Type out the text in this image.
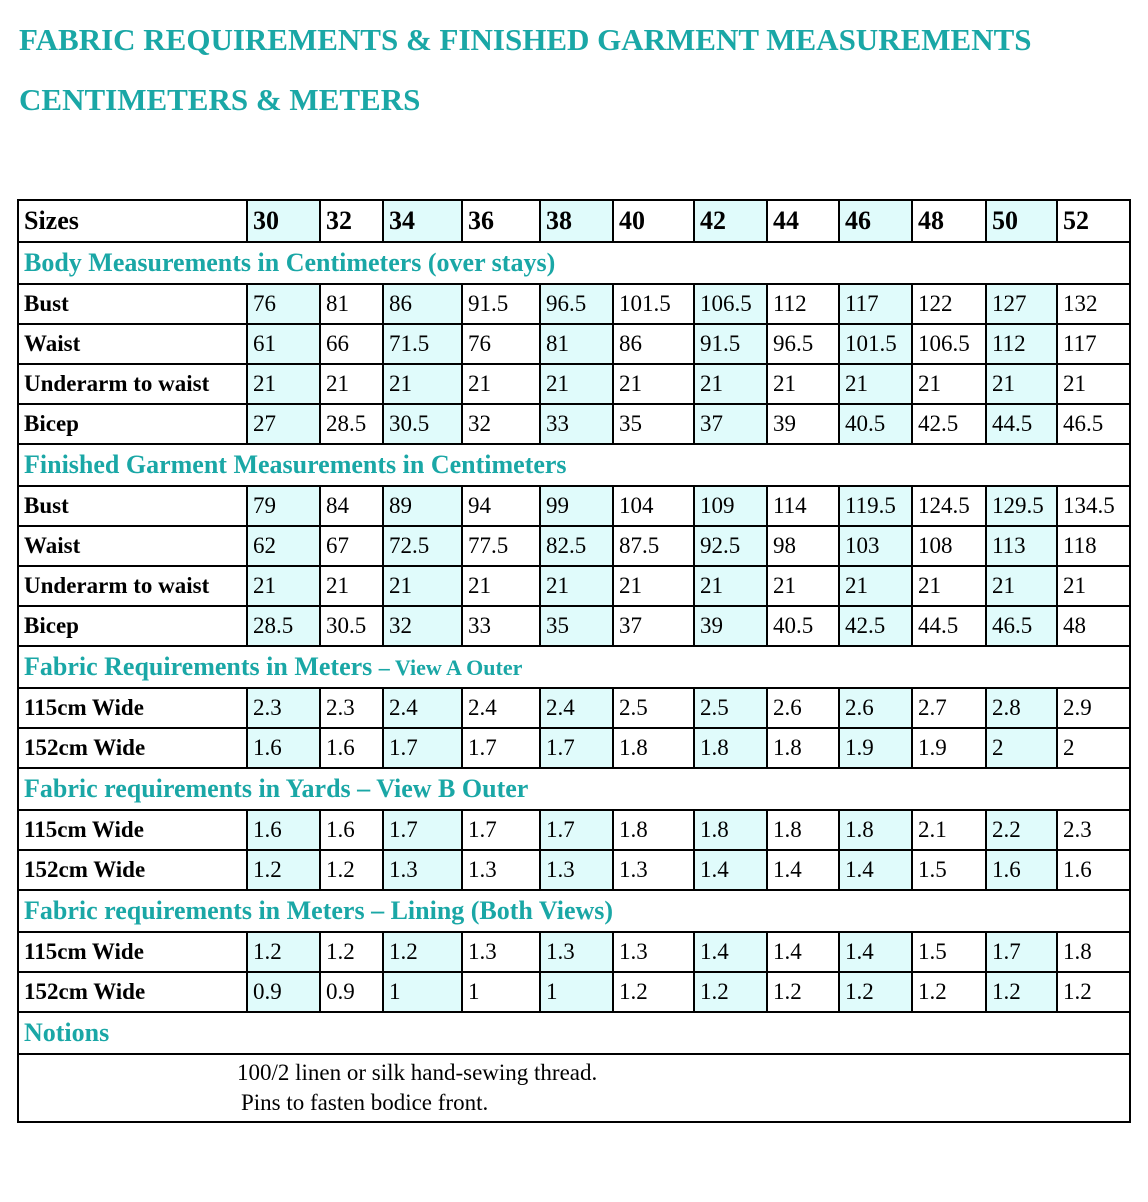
FABRIC REQUIREMENTS & FINISHED GARMENT MEASUREMENTS
CENTIMETERS & METERS
Sizes	30	32	34	36	38	40	42	44	46	48	50	52
Body Measurements in Centimeters (over stays)												
Bust	76	81	86	91.5	96.5	101.5	106.5	112	117	122	127	132
Waist	61	66	71.5	76	81	86	91.5	96.5	101.5	106.5	112	117
Underarm to waist	21	21	21	21	21	21	21	21	21	21	21	21
Bicep	27	28.5	30.5	32	33	35	37	39	40.5	42.5	44.5	46.5
Finished Garment Measurements in Centimeters												
Bust	79	84	89	94	99	104	109	114	119.5	124.5	129.5	134.5
Waist	62	67	72.5	77.5	82.5	87.5	92.5	98	103	108	113	118
Underarm to waist	21	21	21	21	21	21	21	21	21	21	21	21
Bicep	28.5	30.5	32	33	35	37	39	40.5	42.5	44.5	46.5	48
Fabric Requirements in Meters – View A Outer												
115cm Wide	2.3	2.3	2.4	2.4	2.4	2.5	2.5	2.6	2.6	2.7	2.8	2.9
152cm Wide	1.6	1.6	1.7	1.7	1.7	1.8	1.8	1.8	1.9	1.9	2	2
Fabric requirements in Yards – View B Outer												
115cm Wide	1.6	1.6	1.7	1.7	1.7	1.8	1.8	1.8	1.8	2.1	2.2	2.3
152cm Wide	1.2	1.2	1.3	1.3	1.3	1.3	1.4	1.4	1.4	1.5	1.6	1.6
Fabric requirements in Meters – Lining (Both Views)												
115cm Wide	1.2	1.2	1.2	1.3	1.3	1.3	1.4	1.4	1.4	1.5	1.7	1.8
152cm Wide	0.9	0.9	1	1	1	1.2	1.2	1.2	1.2	1.2	1.2	1.2
Notions												

100/2 linen or silk hand-sewing thread.
Pins to fasten bodice front.												
